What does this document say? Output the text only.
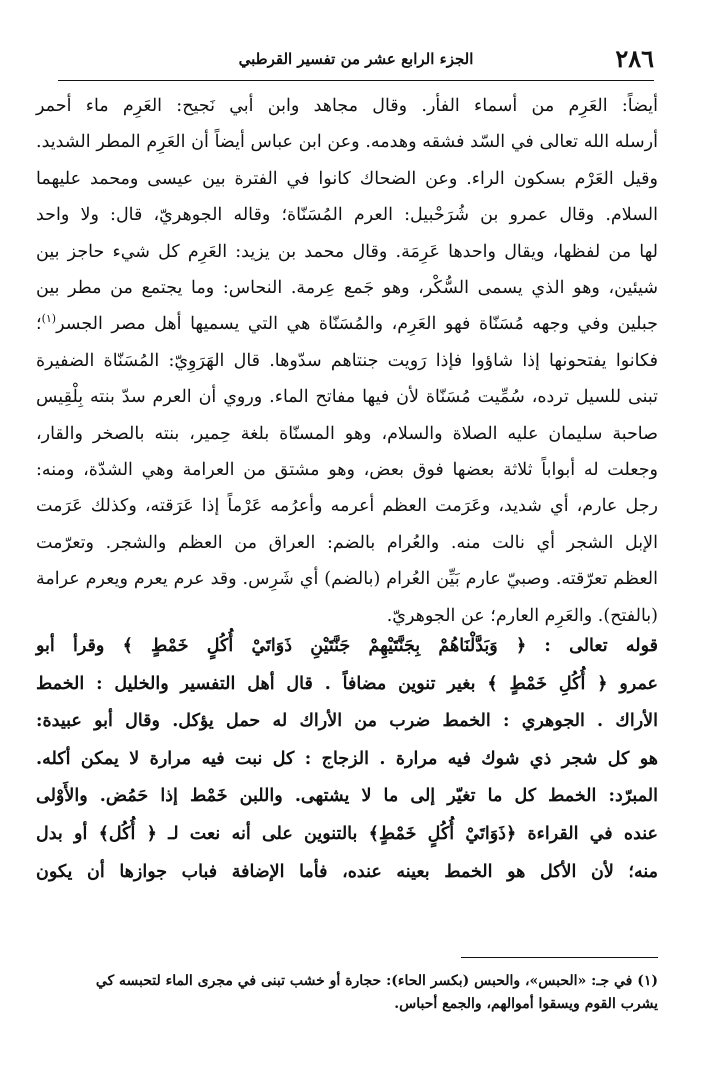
٢٨٦
الجزء الرابع عشر من تفسير القرطبي

أيضاً: العَرِم من أسماء الفأر. وقال مجاهد وابن أبي نَجيح: العَرِم ماء أحمر

أرسله الله تعالى في السّد فشقه وهدمه. وعن ابن عباس أيضاً أن العَرِم المطر الشديد.

وقيل العَرْم بسكون الراء. وعن الضحاك كانوا في الفترة بين عيسى ومحمد عليهما

السلام. وقال عمرو بن شُرَحْبيل: العرم المُسَنّاة؛ وقاله الجوهريّ، قال: ولا واحد

لها من لفظها، ويقال واحدها عَرِمَة. وقال محمد بن يزيد: العَرِم كل شيء حاجز بين

شيئين، وهو الذي يسمى السُّكْر، وهو جَمع عِرمة. النحاس: وما يجتمع من مطر بين

جبلين وفي وجهه مُسَنّاة فهو العَرِم، والمُسَنّاة هي التي يسميها أهل مصر الجسر$^{(١)}$؛

فكانوا يفتحونها إذا شاؤوا فإذا رَويت جنتاهم سدّوها. قال الهَرَوِيّ: المُسَنّاة الضفيرة

تبنى للسيل ترده، سُمِّيت مُسَنّاة لأن فيها مفاتح الماء. وروي أن العرم سدّ بنته بِلْقِيس

صاحبة سليمان عليه الصلاة والسلام، وهو المسنّاة بلغة حِمير، بنته بالصخر والقار،

وجعلت له أبواباً ثلاثة بعضها فوق بعض، وهو مشتق من العرامة وهي الشدّة، ومنه:

رجل عارم، أي شديد، وعَرَمت العظم أعرمه وأعرُمه عَرْماً إذا عَرَقته، وكذلك عَرَمت

الإبل الشجر أي نالت منه. والعُرام بالضم: العراق من العظم والشجر. وتعرّمت

العظم تعرّقته. وصبيّ عارم بَيِّن العُرام (بالضم) أي شَرِس. وقد عرم يعرم ويعرم عرامة

(بالفتح). والعَرِم العارم؛ عن الجوهريّ.

قوله تعالى : ﴿ وَبَدَّلْنَاهُمْ بِجَنَّتَيْهِمْ جَنَّتَيْنِ ذَوَاتَيْ أُكُلٍ خَمْطٍ ﴾ وقرأ أبو

عمرو ﴿ أُكُلِ خَمْطٍ ﴾ بغير تنوين مضافاً . قال أهل التفسير والخليل : الخمط

الأراك . الجوهري : الخمط ضرب من الأراك له حمل يؤكل. وقال أبو عبيدة:

هو كل شجر ذي شوك فيه مرارة . الزجاج : كل نبت فيه مرارة لا يمكن أكله.

المبرّد: الخمط كل ما تغيّر إلى ما لا يشتهى. واللبن خَمْط إذا حَمُض. والأَوْلى

عنده في القراءة ﴿ذَوَاتَيْ أُكُلٍ خَمْطٍ﴾ بالتنوين على أنه نعت لـ ﴿ أُكُل﴾ أو بدل

منه؛ لأن الأكل هو الخمط بعينه عنده، فأما الإضافة فباب جوازها أن يكون

(١) في جـ: «الحبس»، والحبس (بكسر الحاء): حجارة أو خشب تبنى في مجرى الماء لتحبسه كي

يشرب القوم ويسقوا أموالهم، والجمع أحباس.
